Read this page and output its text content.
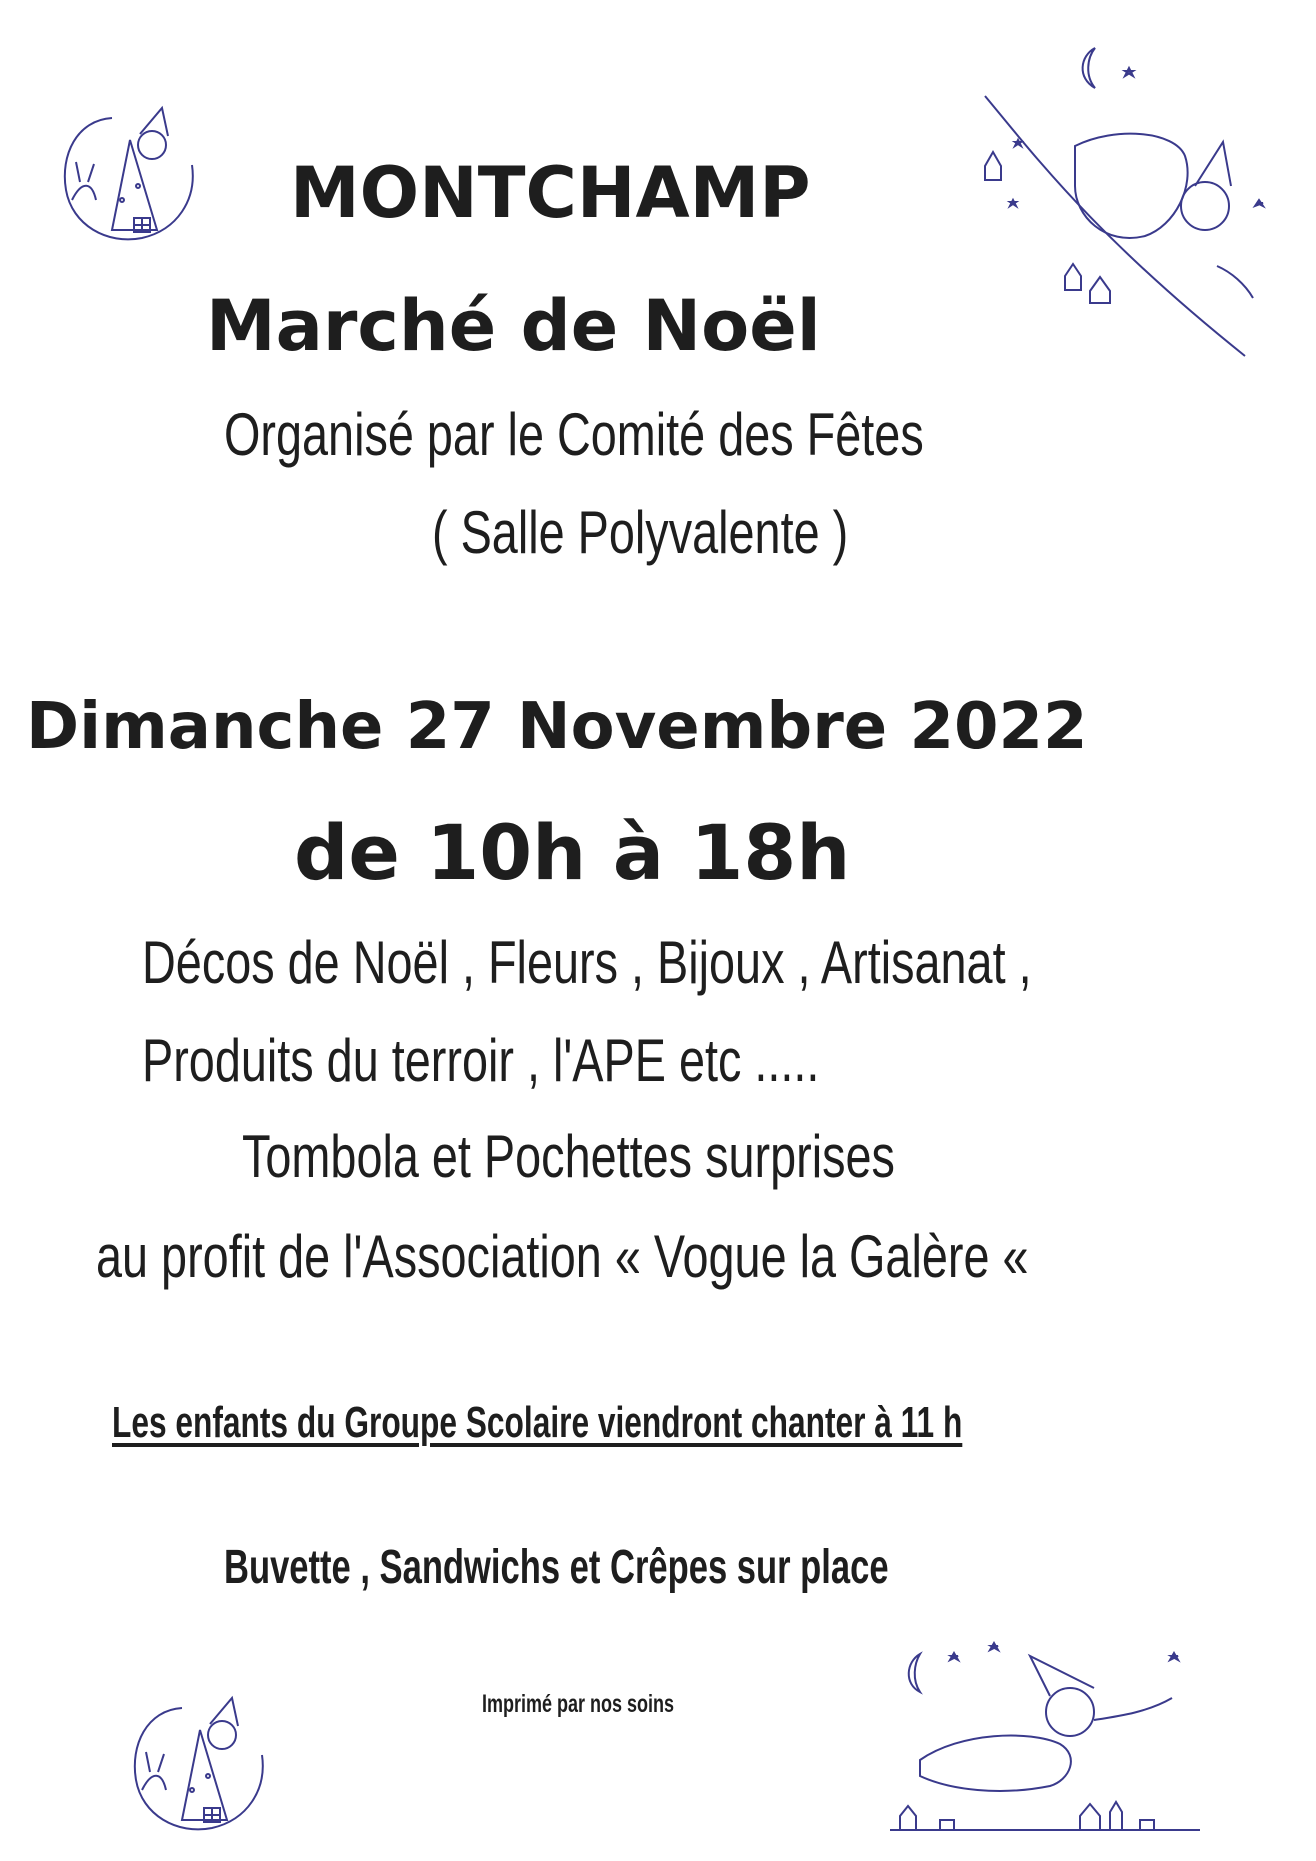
MONTCHAMP
Marché de Noël
Organisé par le Comité des Fêtes
( Salle Polyvalente )
Dimanche 27 Novembre 2022
de 10h à 18h
Décos de Noël , Fleurs , Bijoux , Artisanat ,
Produits du terroir , l'APE etc .....
Tombola et Pochettes surprises
au profit de l'Association « Vogue la Galère «
Les enfants du Groupe Scolaire viendront chanter à 11 h
Buvette , Sandwichs et Crêpes sur place
Imprimé par nos soins
